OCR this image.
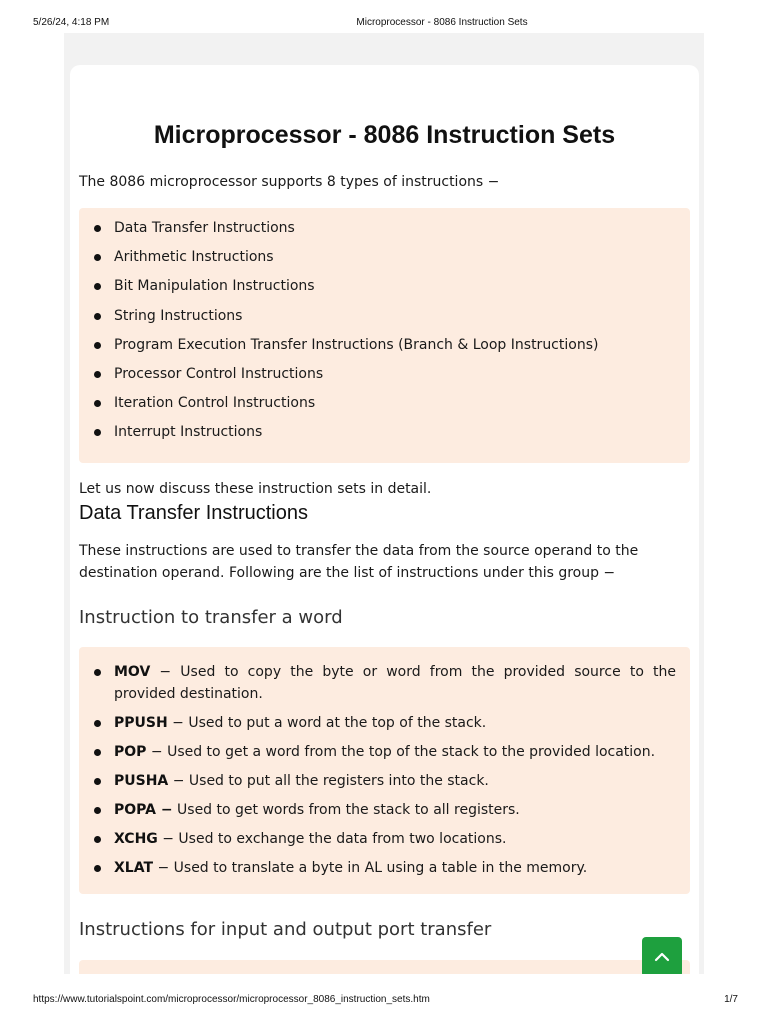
5/26/24, 4:18 PM	Microprocessor - 8086 Instruction Sets
Microprocessor - 8086 Instruction Sets

The 8086 microprocessor supports 8 types of instructions −

Data Transfer Instructions
Arithmetic Instructions
Bit Manipulation Instructions
String Instructions
Program Execution Transfer Instructions (Branch & Loop Instructions)
Processor Control Instructions
Iteration Control Instructions
Interrupt Instructions

Let us now discuss these instruction sets in detail.

Data Transfer Instructions

These instructions are used to transfer the data from the source operand to the destination operand. Following are the list of instructions under this group −

Instruction to transfer a word
MOV − Used to copy the byte or word from the provided source to the provided destination.
PPUSH − Used to put a word at the top of the stack.
POP − Used to get a word from the top of the stack to the provided location.
PUSHA − Used to put all the registers into the stack.
POPA − Used to get words from the stack to all registers.
XCHG − Used to exchange the data from two locations.
XLAT − Used to translate a byte in AL using a table in the memory.
Instructions for input and output port transfer
https://www.tutorialspoint.com/microprocessor/microprocessor_8086_instruction_sets.htm	1/7
